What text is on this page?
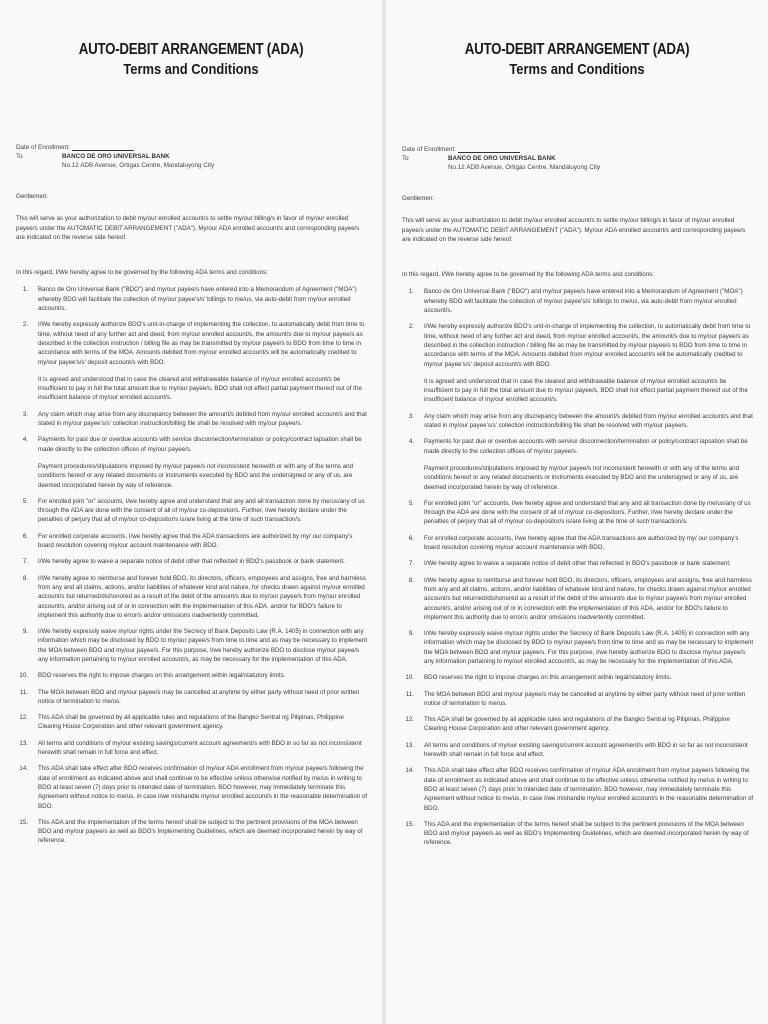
AUTO-DEBIT ARRANGEMENT (ADA)
Terms and Conditions
Date of Enrollment:

To	BANCO DE ORO UNIVERSAL BANK
No.12 ADB Avenue, Ortigas Centre, Mandaluyong City
Gentlemen:
This will serve as your authorization to debit my/our enrolled account/s to settle my/our billing/s in favor of my/our enrolled payee/s under the AUTOMATIC DEBIT ARRANGEMENT ("ADA"). My/our ADA enrolled account/s and corresponding payee/s are indicated on the reverse side hereof.
In this regard, I/We hereby agree to be governed by the following ADA terms and conditions:
1.	Banco de Oro Universal Bank ("BDO") and my/our payee/s have entered into a Memorandum of Agreement ("MOA") whereby BDO will facilitate the collection of my/our payee's/s' billings to me/us, via auto-debit from my/our enrolled account/s.

2.	I/We hereby expressly authorize BDO's unit-in-charge of implementing the collection, to automatically debit from time to time, without need of any further act and deed, from my/our enrolled account/s, the amount/s due to my/our payee/s as described in the collection instruction / billing file as may be transmitted by my/our payee/s to BDO from time to time in accordance with terms of the MOA. Amounts debited from my/our enrolled account/s will be automatically credited to my/our payee's/s' deposit account/s with BDO.

It is agreed and understood that in case the cleared and withdrawable balance of my/our enrolled account/s be insufficient to pay in full the total amount due to my/our payee/s, BDO shall not effect partial payment thereof out of the insufficient balance of my/our enrolled account/s.

3.	Any claim which may arise from any discrepancy between the amount/s debited from my/our enrolled account/s and that stated in my/our payee's/s' collection instruction/billing file shall be resolved with my/our payee/s.

4.	Payments for past due or overdue accounts with service disconnection/termination or policy/contract lapsation shall be made directly to the collection offices of my/our payee/s.

Payment procedures/stipulations imposed by my/our payee/s not inconsistent herewith or with any of the terms and conditions hereof or any related documents or instruments executed by BDO and the undersigned or any of us, are deemed incorporated herein by way of reference.

5.	For enrolled joint "or" accounts, I/we hereby agree and understand that any and all transaction done by me/us/any of us through the ADA are done with the consent of all of my/our co-depositor/s. Further, I/we hereby declare under the penalties of perjury that all of my/our co-depositor/s is/are living at the time of such transaction/s.

6.	For enrolled corporate accounts, I/we hereby agree that the ADA transactions are authorized by my/ our company's board resolution covering my/our account maintenance with BDO.

7.	I/We hereby agree to waive a separate notice of debit other that reflected in BDO's passbook or bank statement.

8.	I/We hereby agree to reimburse and forever hold BDO, its directors, officers, employees and assigns, free and harmless from any and all claims, actions, and/or liabilities of whatever kind and nature, for checks drawn against my/our enrolled account/s but returned/dishonored as a result of the debit of the amount/s due to my/our payee/s from my/our enrolled account/s, and/or arising out of or in connection with the implementation of this ADA, and/or for BDO's failure to implement this authority due to error/s and/or omissions inadvertently committed.

9.	I/We hereby expressly waive my/our rights under the Secrecy of Bank Deposits Law (R.A. 1405) in connection with any information which may be disclosed by BDO to my/our payee/s from time to time and as may be necessary to implement the MOA between BDO and my/our payee/s. For this purpose, I/we hereby authorize BDO to disclose my/our payee/s any information pertaining to my/our enrolled account/s, as may be necessary for the implementation of this ADA.

10.	BDO reserves the right to impose charges on this arrangement within legal/statutory limits.

11.	The MOA between BDO and my/our payee/s may be cancelled at anytime by either party without need of prior written notice of termination to me/us.

12.	This ADA shall be governed by all applicable rules and regulations of the Bangko Sentral ng Pilipinas, Philippine Clearing House Corporation and other relevant government agency.

13.	All terms and conditions of my/our existing savings/current account agreement/s with BDO in so far as not inconsistent herewith shall remain in full force and effect.

14.	This ADA shall take effect after BDO receives confirmation of my/our ADA enrollment from my/our payee/s following the date of enrollment as indicated above and shall continue to be effective unless otherwise notified by me/us in writing to BDO at least seven (7) days prior to intended date of termination. BDO however, may immediately terminate this Agreement without notice to me/us, in case I/we mishandle my/our enrolled account/s in the reasonable determination of BDO.

15.	This ADA and the implementation of the terms hereof shall be subject to the pertinent provisions of the MOA between BDO and my/our payee/s as well as BDO's Implementing Guidelines, which are deemed incorporated herein by way of reference.

AUTO-DEBIT ARRANGEMENT (ADA)
Terms and Conditions
Date of Enrollment:

To	BANCO DE ORO UNIVERSAL BANK
No.12 ADB Avenue, Ortigas Centre, Mandaluyong City
Gentlemen:
This will serve as your authorization to debit my/our enrolled account/s to settle my/our billing/s in favor of my/our enrolled payee/s under the AUTOMATIC DEBIT ARRANGEMENT ("ADA"). My/our ADA enrolled account/s and corresponding payee/s are indicated on the reverse side hereof.
In this regard, I/We hereby agree to be governed by the following ADA terms and conditions:
1.	Banco de Oro Universal Bank ("BDO") and my/our payee/s have entered into a Memorandum of Agreement ("MOA") whereby BDO will facilitate the collection of my/our payee's/s' billings to me/us, via auto-debit from my/our enrolled account/s.

2.	I/We hereby expressly authorize BDO's unit-in-charge of implementing the collection, to automatically debit from time to time, without need of any further act and deed, from my/our enrolled account/s, the amount/s due to my/our payee/s as described in the collection instruction / billing file as may be transmitted by my/our payee/s to BDO from time to time in accordance with terms of the MOA. Amounts debited from my/our enrolled account/s will be automatically credited to my/our payee's/s' deposit account/s with BDO.

It is agreed and understood that in case the cleared and withdrawable balance of my/our enrolled account/s be insufficient to pay in full the total amount due to my/our payee/s, BDO shall not effect partial payment thereof out of the insufficient balance of my/our enrolled account/s.

3.	Any claim which may arise from any discrepancy between the amount/s debited from my/our enrolled account/s and that stated in my/our payee's/s' collection instruction/billing file shall be resolved with my/our payee/s.

4.	Payments for past due or overdue accounts with service disconnection/termination or policy/contract lapsation shall be made directly to the collection offices of my/our payee/s.

Payment procedures/stipulations imposed by my/our payee/s not inconsistent herewith or with any of the terms and conditions hereof or any related documents or instruments executed by BDO and the undersigned or any of us, are deemed incorporated herein by way of reference.

5.	For enrolled joint "or" accounts, I/we hereby agree and understand that any and all transaction done by me/us/any of us through the ADA are done with the consent of all of my/our co-depositor/s. Further, I/we hereby declare under the penalties of perjury that all of my/our co-depositor/s is/are living at the time of such transaction/s.

6.	For enrolled corporate accounts, I/we hereby agree that the ADA transactions are authorized by my/ our company's board resolution covering my/our account maintenance with BDO.

7.	I/We hereby agree to waive a separate notice of debit other that reflected in BDO's passbook or bank statement.

8.	I/We hereby agree to reimburse and forever hold BDO, its directors, officers, employees and assigns, free and harmless from any and all claims, actions, and/or liabilities of whatever kind and nature, for checks drawn against my/our enrolled account/s but returned/dishonored as a result of the debit of the amount/s due to my/our payee/s from my/our enrolled account/s, and/or arising out of or in connection with the implementation of this ADA, and/or for BDO's failure to implement this authority due to error/s and/or omissions inadvertently committed.

9.	I/We hereby expressly waive my/our rights under the Secrecy of Bank Deposits Law (R.A. 1405) in connection with any information which may be disclosed by BDO to my/our payee/s from time to time and as may be necessary to implement the MOA between BDO and my/our payee/s. For this purpose, I/we hereby authorize BDO to disclose my/our payee/s any information pertaining to my/our enrolled account/s, as may be necessary for the implementation of this ADA.

10.	BDO reserves the right to impose charges on this arrangement within legal/statutory limits.

11.	The MOA between BDO and my/our payee/s may be cancelled at anytime by either party without need of prior written notice of termination to me/us.

12.	This ADA shall be governed by all applicable rules and regulations of the Bangko Sentral ng Pilipinas, Philippine Clearing House Corporation and other relevant government agency.

13.	All terms and conditions of my/our existing savings/current account agreement/s with BDO in so far as not inconsistent herewith shall remain in full force and effect.

14.	This ADA shall take effect after BDO receives confirmation of my/our ADA enrollment from my/our payee/s following the date of enrollment as indicated above and shall continue to be effective unless otherwise notified by me/us in writing to BDO at least seven (7) days prior to intended date of termination. BDO however, may immediately terminate this Agreement without notice to me/us, in case I/we mishandle my/our enrolled account/s in the reasonable determination of BDO.

15.	This ADA and the implementation of the terms hereof shall be subject to the pertinent provisions of the MOA between BDO and my/our payee/s as well as BDO's Implementing Guidelines, which are deemed incorporated herein by way of reference.
